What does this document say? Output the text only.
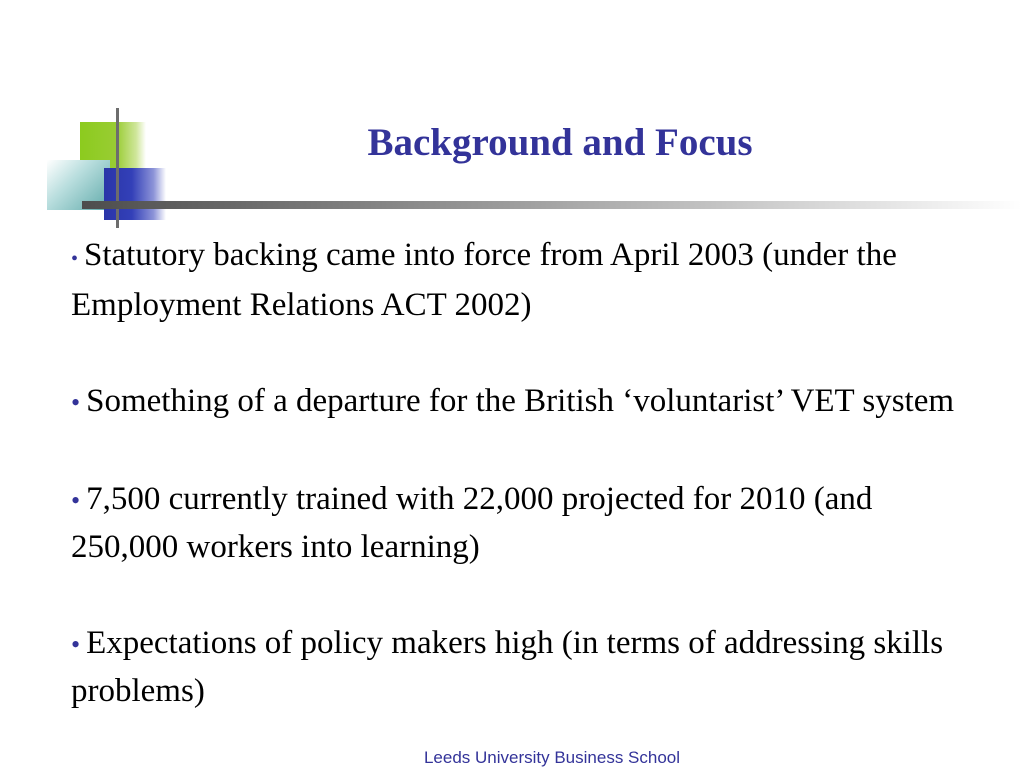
Background and Focus
• Statutory backing came into force from April 2003 (under the Employment Relations ACT 2002)
• Something of a departure for the British ‘voluntarist’ VET system
• 7,500 currently trained with 22,000 projected for 2010 (and 250,000 workers into learning)
• Expectations of policy makers high (in terms of addressing skills problems)
Leeds University Business School
